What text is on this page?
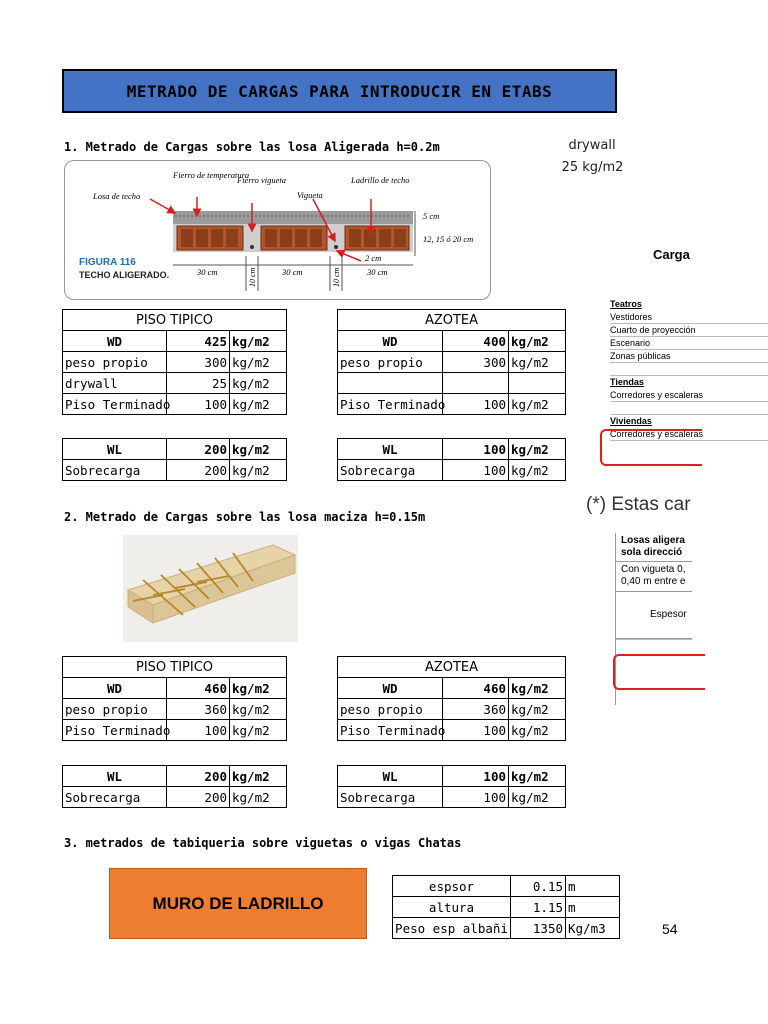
METRADO DE CARGAS PARA INTRODUCIR EN ETABS
1. Metrado de Cargas sobre las losa Aligerada h=0.2m	drywall
25 kg/m2
Losa de techo
Fierro de temperatura
Fierro vigueta
Vigueta
Ladrillo de techo
5 cm
12, 15 ó 20 cm
2 cm
30 cm	30 cm	30 cm
10 cm	10 cm
FIGURA 116
TECHO ALIGERADO.
PISO TIPICO		
WD	425	kg/m2
peso propio	300	kg/m2
drywall	25	kg/m2
Piso Terminado	100	kg/m2
WL	200	kg/m2
Sobrecarga	200	kg/m2
AZOTEA		
WD	400	kg/m2
peso propio	300	kg/m2

Piso Terminado	100	kg/m2
WL	100	kg/m2
Sobrecarga	100	kg/m2
Carga
Teatros
Vestidores
Cuarto de proyección
Escenario
Zonas públicas
Tiendas
Corredores y escaleras
Viviendas
Corredores y escaleras
(*) Estas car
Losas aligera
sola direcció
Con vigueta 0,
0,40 m entre e
Espesor
2. Metrado de Cargas sobre las losa maciza h=0.15m
PISO TIPICO		
WD	460	kg/m2
peso propio	360	kg/m2
Piso Terminado	100	kg/m2
WL	200	kg/m2
Sobrecarga	200	kg/m2
AZOTEA		
WD	460	kg/m2
peso propio	360	kg/m2
Piso Terminado	100	kg/m2
WL	100	kg/m2
Sobrecarga	100	kg/m2
3. metrados de tabiqueria sobre viguetas o vigas Chatas
MURO DE LADRILLO
espsor	0.15	m
altura	1.15	m
Peso esp albañi	1350	Kg/m3	54
